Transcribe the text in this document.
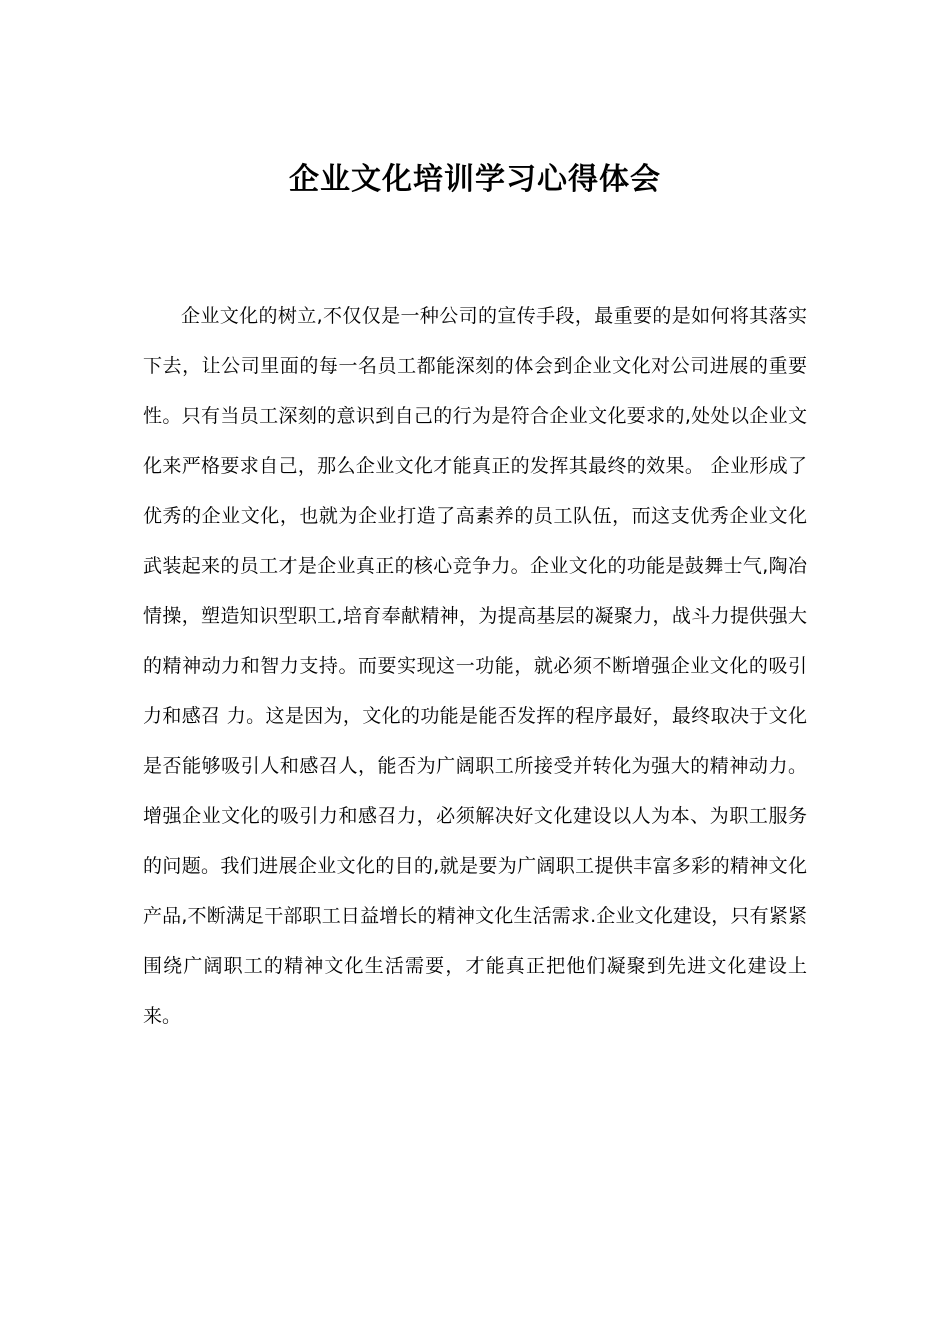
企业文化培训学习心得体会

企业文化的树立,不仅仅是一种公司的宣传手段，最重要的是如何将其落实下去，让公司里面的每一名员工都能深刻的体会到企业文化对公司进展的重要性。只有当员工深刻的意识到自己的行为是符合企业文化要求的,处处以企业文化来严格要求自己，那么企业文化才能真正的发挥其最终的效果。 企业形成了优秀的企业文化，也就为企业打造了高素养的员工队伍，而这支优秀企业文化武装起来的员工才是企业真正的核心竞争力。企业文化的功能是鼓舞士气,陶冶情操，塑造知识型职工,培育奉献精神，为提高基层的凝聚力，战斗力提供强大的精神动力和智力支持。而要实现这一功能，就必须不断增强企业文化的吸引力和感召 力。这是因为，文化的功能是能否发挥的程序最好，最终取决于文化是否能够吸引人和感召人，能否为广阔职工所接受并转化为强大的精神动力。增强企业文化的吸引力和感召力，必须解决好文化建设以人为本、为职工服务的问题。我们进展企业文化的目的,就是要为广阔职工提供丰富多彩的精神文化产品,不断满足干部职工日益增长的精神文化生活需求.企业文化建设，只有紧紧围绕广阔职工的精神文化生活需要，才能真正把他们凝聚到先进文化建设上来。
